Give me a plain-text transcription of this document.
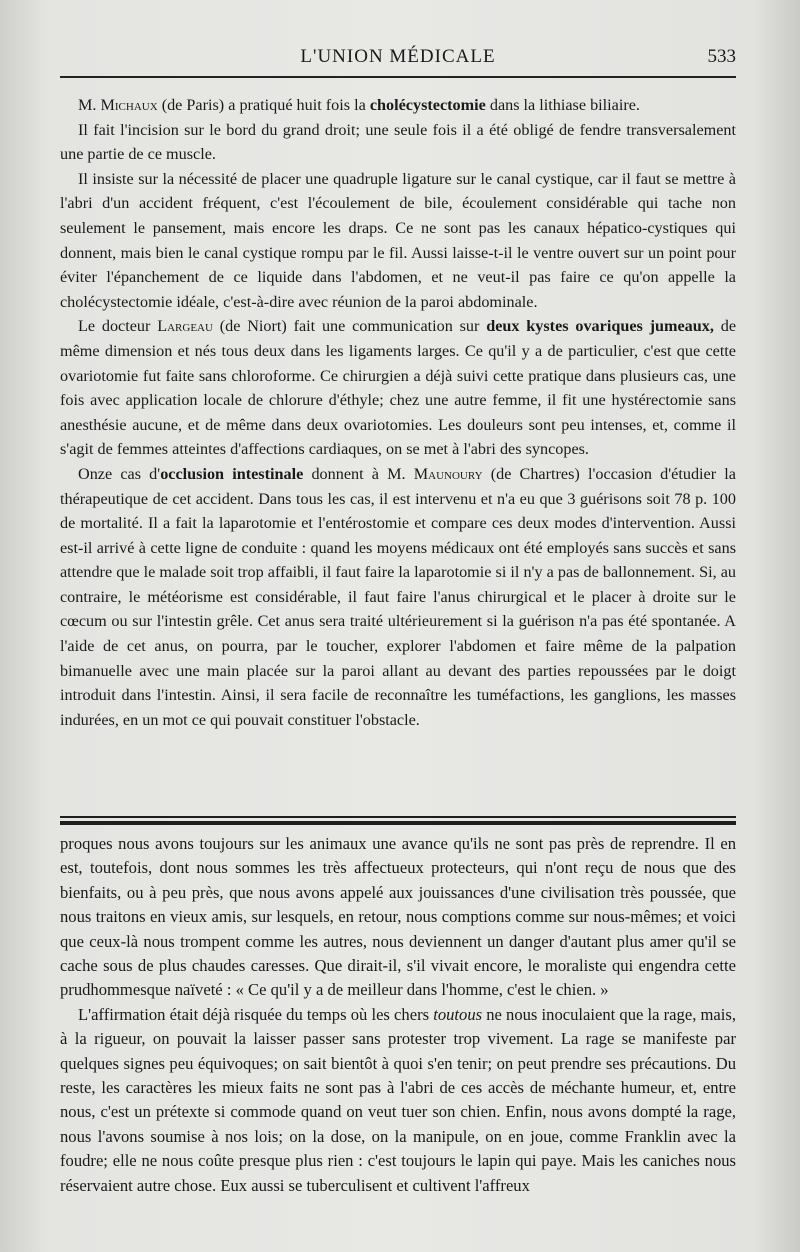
L'UNION MÉDICALE	533

M. Michaux (de Paris) a pratiqué huit fois la cholécystectomie dans la lithiase biliaire.

Il fait l'incision sur le bord du grand droit; une seule fois il a été obligé de fendre transversalement une partie de ce muscle.

Il insiste sur la nécessité de placer une quadruple ligature sur le canal cystique, car il faut se mettre à l'abri d'un accident fréquent, c'est l'écoulement de bile, écoulement considérable qui tache non seulement le pansement, mais encore les draps. Ce ne sont pas les canaux hépatico-cystiques qui donnent, mais bien le canal cystique rompu par le fil. Aussi laisse-t-il le ventre ouvert sur un point pour éviter l'épanchement de ce liquide dans l'abdomen, et ne veut-il pas faire ce qu'on appelle la cholécystectomie idéale, c'est-à-dire avec réunion de la paroi abdominale.

Le docteur Largeau (de Niort) fait une communication sur deux kystes ovariques jumeaux, de même dimension et nés tous deux dans les ligaments larges. Ce qu'il y a de particulier, c'est que cette ovariotomie fut faite sans chloroforme. Ce chirurgien a déjà suivi cette pratique dans plusieurs cas, une fois avec application locale de chlorure d'éthyle; chez une autre femme, il fit une hystérectomie sans anesthésie aucune, et de même dans deux ovariotomies. Les douleurs sont peu intenses, et, comme il s'agit de femmes atteintes d'affections cardiaques, on se met à l'abri des syncopes.

Onze cas d'occlusion intestinale donnent à M. Maunoury (de Chartres) l'occasion d'étudier la thérapeutique de cet accident. Dans tous les cas, il est intervenu et n'a eu que 3 guérisons soit 78 p. 100 de mortalité. Il a fait la laparotomie et l'entérostomie et compare ces deux modes d'intervention. Aussi est-il arrivé à cette ligne de conduite : quand les moyens médicaux ont été employés sans succès et sans attendre que le malade soit trop affaibli, il faut faire la laparotomie si il n'y a pas de ballonnement. Si, au contraire, le météorisme est considérable, il faut faire l'anus chirurgical et le placer à droite sur le cœcum ou sur l'intestin grêle. Cet anus sera traité ultérieurement si la guérison n'a pas été spontanée. A l'aide de cet anus, on pourra, par le toucher, explorer l'abdomen et faire même de la palpation bimanuelle avec une main placée sur la paroi allant au devant des parties repoussées par le doigt introduit dans l'intestin. Ainsi, il sera facile de reconnaître les tuméfactions, les ganglions, les masses indurées, en un mot ce qui pouvait constituer l'obstacle.

proques nous avons toujours sur les animaux une avance qu'ils ne sont pas près de reprendre. Il en est, toutefois, dont nous sommes les très affectueux protecteurs, qui n'ont reçu de nous que des bienfaits, ou à peu près, que nous avons appelé aux jouissances d'une civilisation très poussée, que nous traitons en vieux amis, sur lesquels, en retour, nous comptions comme sur nous-mêmes; et voici que ceux-là nous trompent comme les autres, nous deviennent un danger d'autant plus amer qu'il se cache sous de plus chaudes caresses. Que dirait-il, s'il vivait encore, le moraliste qui engendra cette prudhommesque naïveté : « Ce qu'il y a de meilleur dans l'homme, c'est le chien. »

L'affirmation était déjà risquée du temps où les chers toutous ne nous inoculaient que la rage, mais, à la rigueur, on pouvait la laisser passer sans protester trop vivement. La rage se manifeste par quelques signes peu équivoques; on sait bientôt à quoi s'en tenir; on peut prendre ses précautions. Du reste, les caractères les mieux faits ne sont pas à l'abri de ces accès de méchante humeur, et, entre nous, c'est un prétexte si commode quand on veut tuer son chien. Enfin, nous avons dompté la rage, nous l'avons soumise à nos lois; on la dose, on la manipule, on en joue, comme Franklin avec la foudre; elle ne nous coûte presque plus rien : c'est toujours le lapin qui paye. Mais les caniches nous réservaient autre chose. Eux aussi se tuberculisent et cultivent l'affreux
